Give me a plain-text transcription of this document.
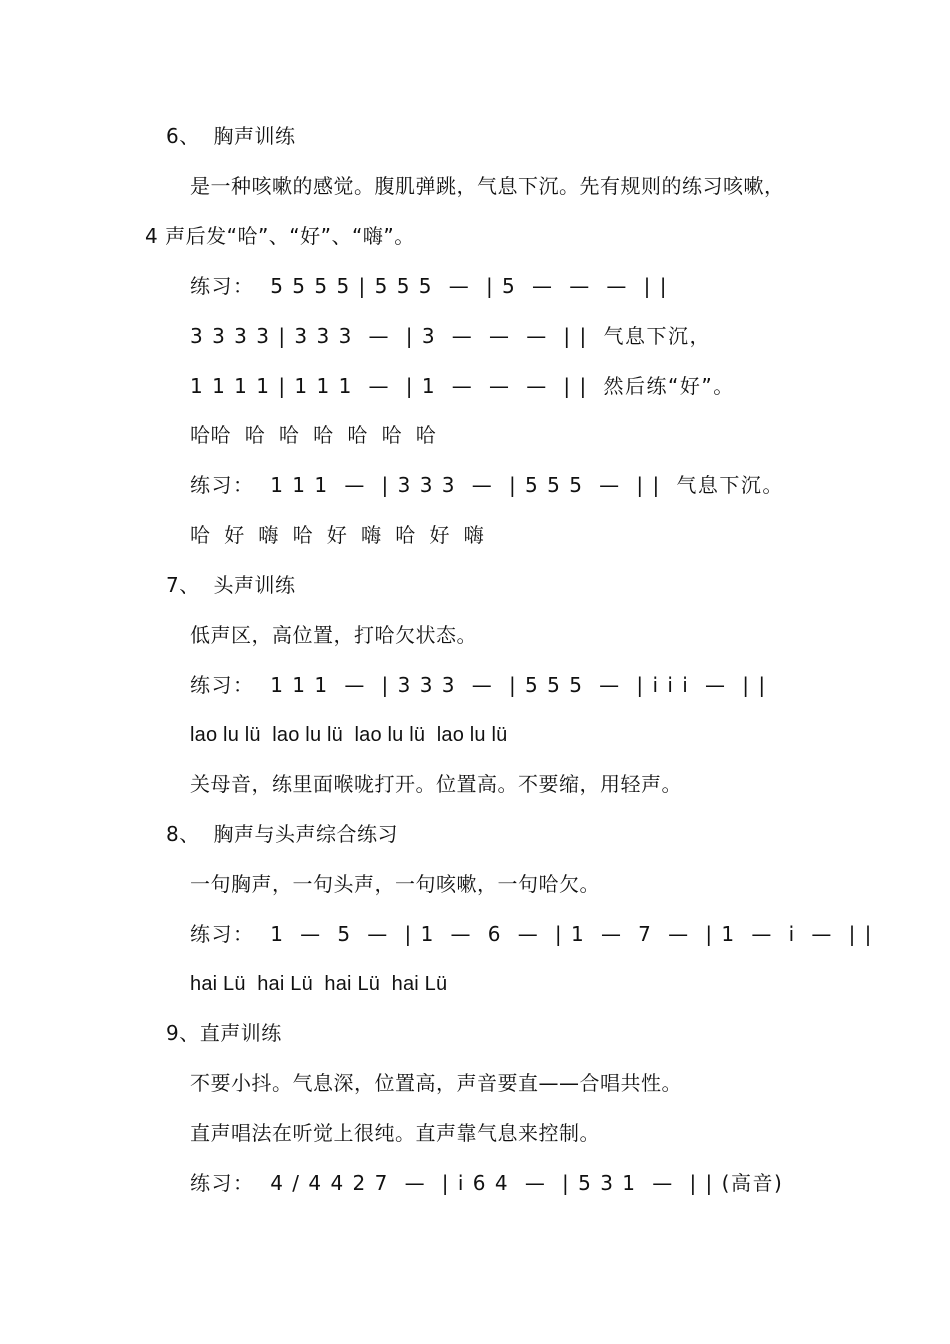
6、  胸声训练
是一种咳嗽的感觉。腹肌弹跳，气息下沉。先有规则的练习咳嗽，
4 声后发“哈”、“好”、“嗨”。
练习：  5 5 5 5 | 5 5 5  —  | 5  —  —  —  | |
3 3 3 3 | 3 3 3  —  | 3  —  —  —  | |  气息下沉，
1 1 1 1 | 1 1 1  —  | 1  —  —  —  | |  然后练“好”。
哈哈  哈  哈  哈  哈  哈  哈
练习：  1 1 1  —  | 3 3 3  —  | 5 5 5  —  | |  气息下沉。
哈  好  嗨  哈  好  嗨  哈  好  嗨
7、  头声训练
低声区，高位置，打哈欠状态。
练习：  1 1 1  —  | 3 3 3  —  | 5 5 5  —  | i i i  —  | |
lao lu lü  lao lu lü  lao lu lü  lao lu lü
关母音，练里面喉咙打开。位置高。不要缩，用轻声。
8、  胸声与头声综合练习
一句胸声，一句头声，一句咳嗽，一句哈欠。
练习：  1  —  5  —  | 1  —  6  —  | 1  —  7  —  | 1  —  i  —  | |
hai Lü  hai Lü  hai Lü  hai Lü
9、直声训练
不要小抖。气息深，位置高，声音要直——合唱共性。
直声唱法在听觉上很纯。直声靠气息来控制。
练习：  4 / 4 4 2 7  —  | i 6 4  —  | 5 3 1  —  | | (高音)
